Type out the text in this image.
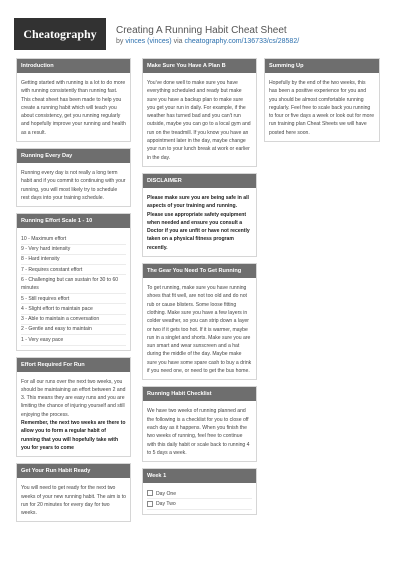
Cheatography	Creating A Running Habit Cheat Sheet
by vinces (vinces) via cheatography.com/136733/cs/28582/
Introduction

Getting started with running is a lot to do more with running consistently than running fast. This cheat sheet has been made to help you create a running habit which will teach you about consistency, get you running regularly and hopefully improve your running and health as a result.

Running Every Day

Running every day is not really a long term habit and if you commit to continuing with your running, you will most likely try to schedule rest days into your training schedule.

Running Effort Scale 1 - 10
10 - Maximum effort
9 - Very hard intensity
8 - Hard intensity
7 - Requires constant effort
6 - Challenging but can sustain for 30 to 60 minutes
5 - Still requires effort
4 - Slight effort to maintain pace
3 - Able to maintain a conversation
2 - Gentle and easy to maintain
1 - Very easy pace
Effort Required For Run

For all our runs over the next two weeks, you should be maintaining an effort between 2 and 3. This means they are easy runs and you are limiting the chance of injuring yourself and still enjoying the process.

Remember, the next two weeks are there to allow you to form a regular habit of running that you will hopefully take with you for years to come

Get Your Run Habit Ready

You will need to get ready for the next two weeks of your new running habit. The aim is to run for 20 minutes for every day for two weeks.

Make Sure You Have A Plan B

You've done well to make sure you have everything scheduled and ready but make sure you have a backup plan to make sure you get your run in daily. For example, if the weather has turned bad and you can't run outside, maybe you can go to a local gym and run on the treadmill. If you know you have an appointment later in the day, maybe change your run to your lunch break at work or earlier in the day.

DISCLAIMER

Please make sure you are being safe in all aspects of your training and running. Please use appropriate safety equipment when needed and ensure you consult a Doctor if you are unfit or have not recently taken on a physical fitness program recently.

The Gear You Need To Get Running

To get running, make sure you have running shoes that fit well, are not too old and do not rub or cause blisters. Some loose fitting clothing. Make sure you have a few layers in colder weather, so you can strip down a layer or two if it gets too hot. If it is warmer, maybe run in a singlet and shorts. Make sure you are sun smart and wear sunscreen and a hat during the middle of the day. Maybe make sure you have some spare cash to buy a drink if you need one, or need to get the bus home.

Running Habit Checklist

We have two weeks of running planned and the following is a checklist for you to close off each day as it happens. When you finish the two weeks of running, feel free to continue with this daily habit or scale back to running 4 to 5 days a week.

Week 1
Day One
Day Two
Summing Up

Hopefully by the end of the two weeks, this has been a positive experience for you and you should be almost comfortable running regularly. Feel free to scale back you running to four or five days a week or look out for more run training plan Cheat Sheets we will have posted here soon.
